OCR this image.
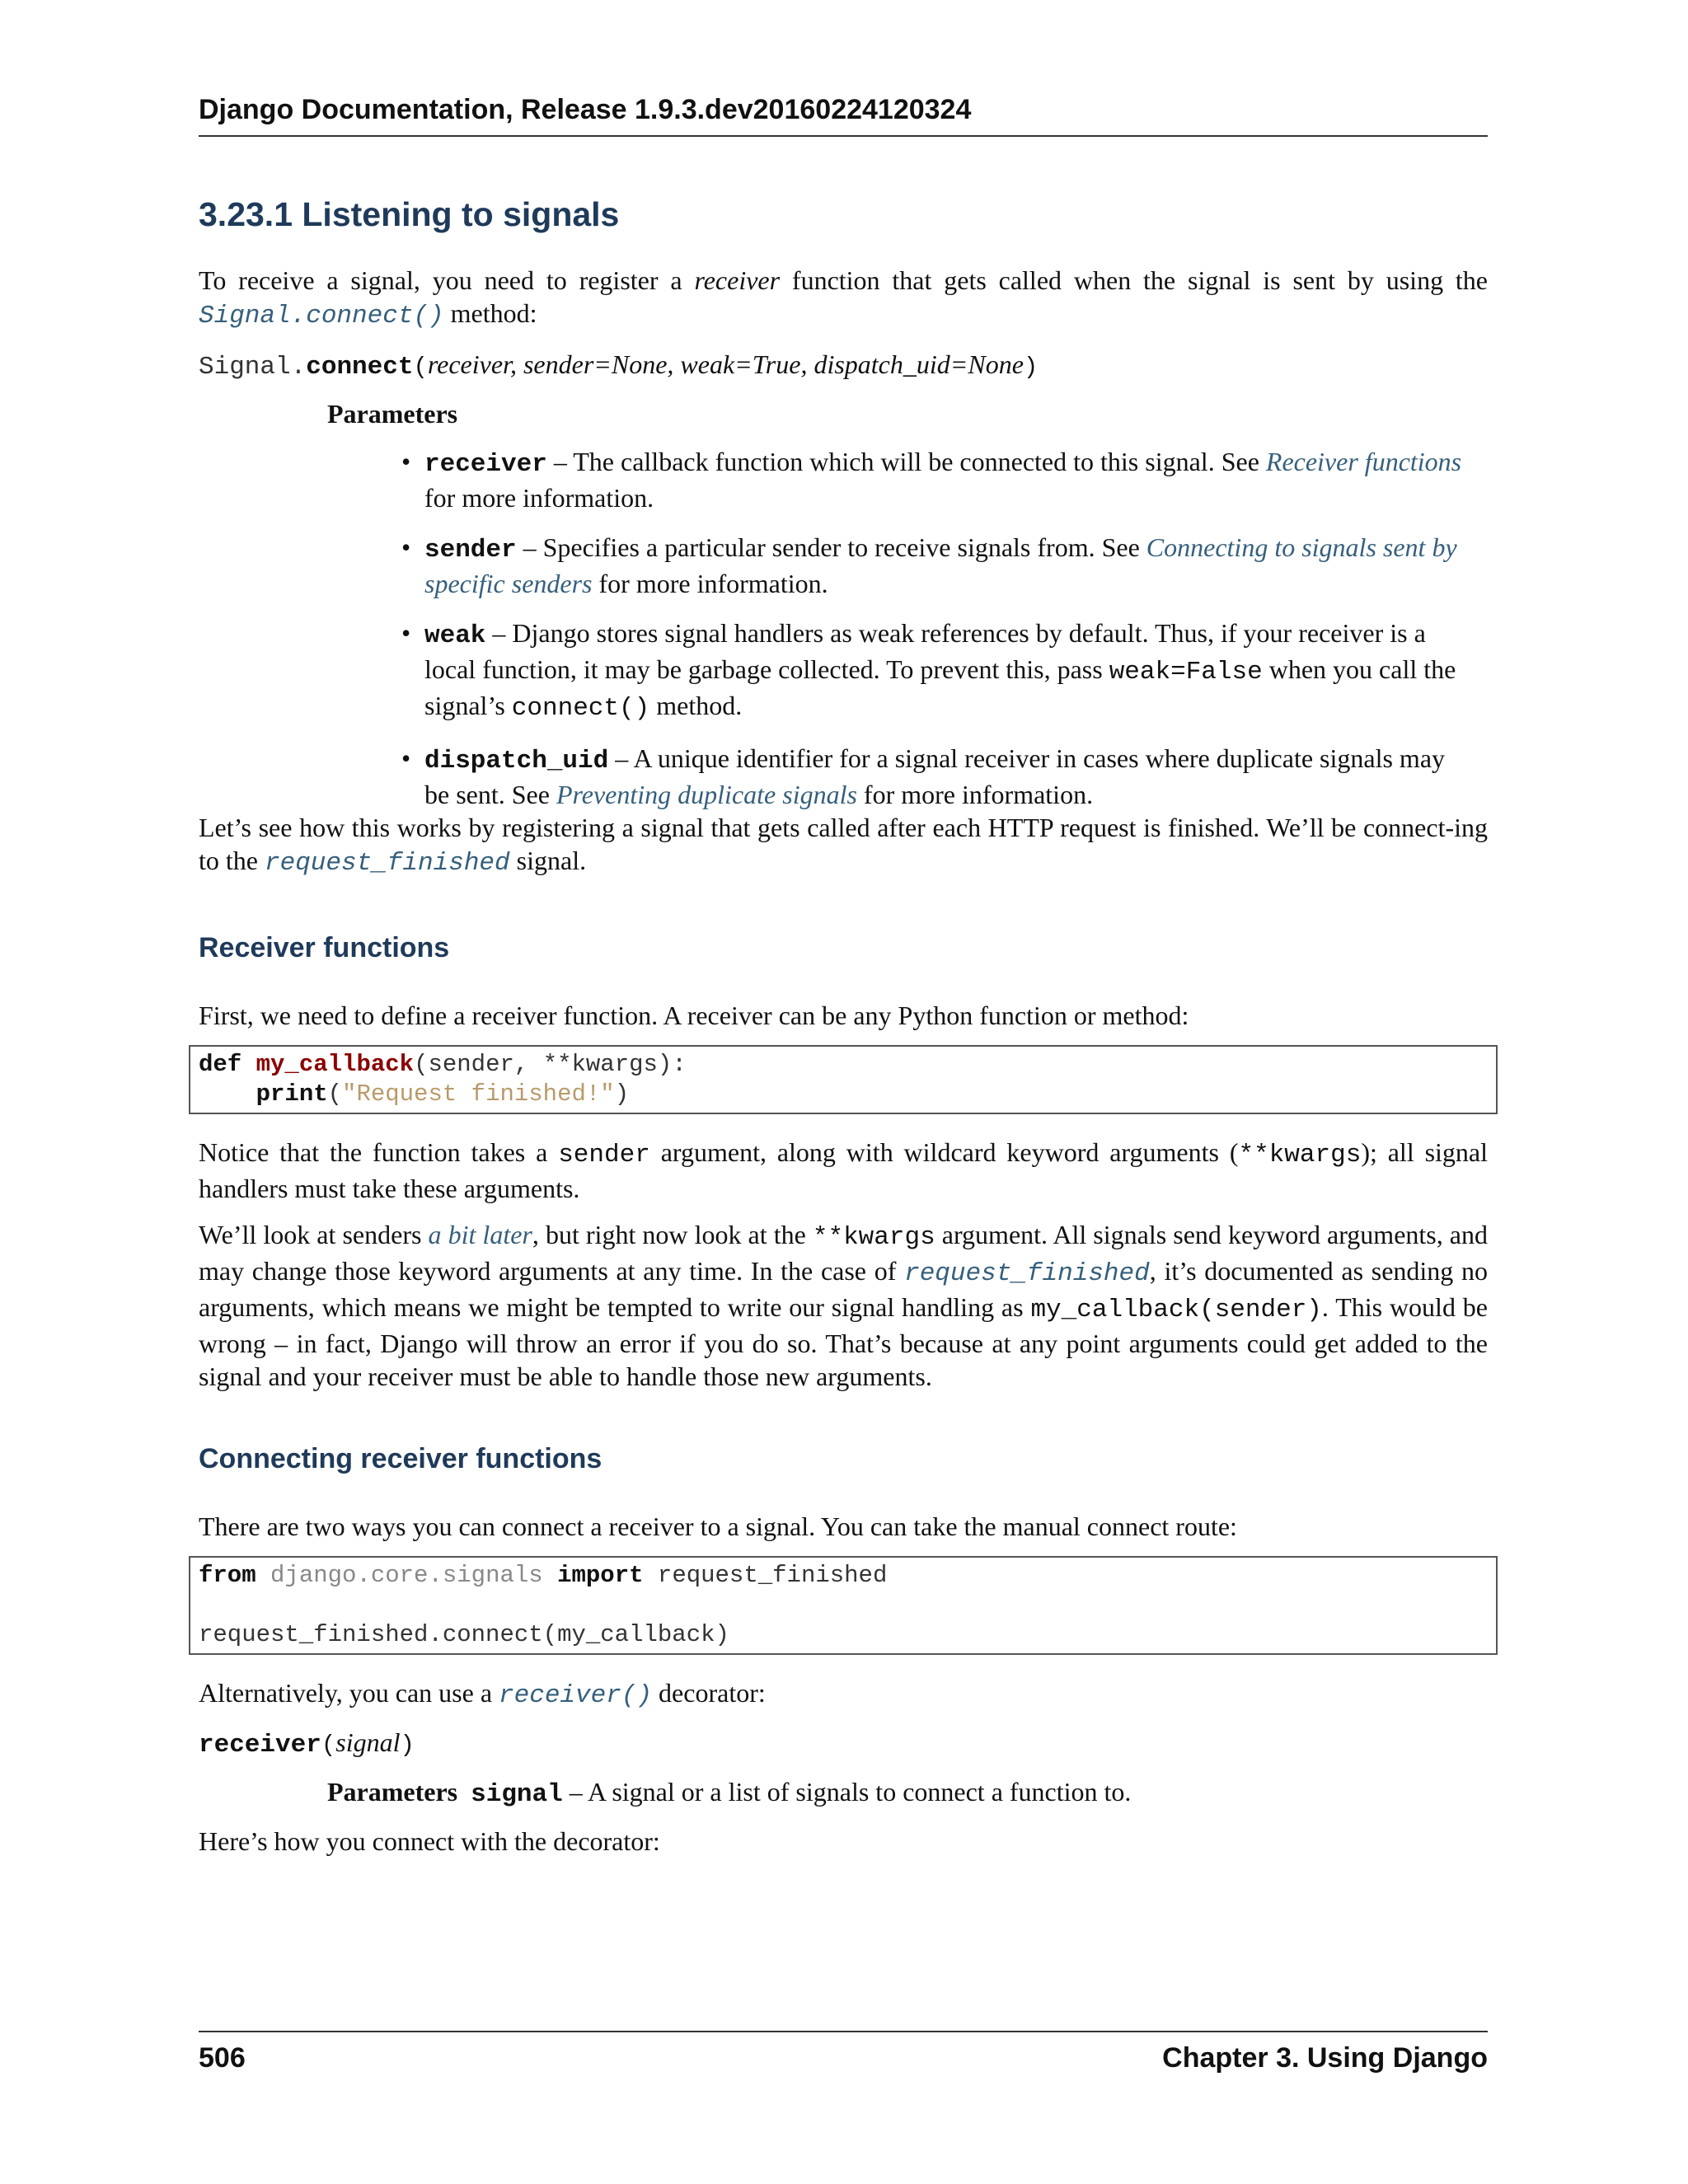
Django Documentation, Release 1.9.3.dev20160224120324
3.23.1 Listening to signals

To receive a signal, you need to register a receiver function that gets called when the signal is sent by using the Signal.connect() method:

Signal.connect(receiver, sender=None, weak=True, dispatch_uid=None)
Parameters
• receiver – The callback function which will be connected to this signal. See Receiver functions for more information.
• sender – Specifies a particular sender to receive signals from. See Connecting to signals sent by specific senders for more information.
• weak – Django stores signal handlers as weak references by default. Thus, if your receiver is a local function, it may be garbage collected. To prevent this, pass weak=False when you call the signal’s connect() method.
• dispatch_uid – A unique identifier for a signal receiver in cases where duplicate signals may be sent. See Preventing duplicate signals for more information.

Let’s see how this works by registering a signal that gets called after each HTTP request is finished. We’ll be connect-ing to the request_finished signal.

Receiver functions

First, we need to define a receiver function. A receiver can be any Python function or method:

def my_callback(sender, **kwargs):
print("Request finished!")

Notice that the function takes a sender argument, along with wildcard keyword arguments (**kwargs); all signal handlers must take these arguments.

We’ll look at senders a bit later, but right now look at the **kwargs argument. All signals send keyword arguments, and may change those keyword arguments at any time. In the case of request_finished, it’s documented as sending no arguments, which means we might be tempted to write our signal handling as my_callback(sender). This would be wrong – in fact, Django will throw an error if you do so. That’s because at any point arguments could get added to the signal and your receiver must be able to handle those new arguments.

Connecting receiver functions

There are two ways you can connect a receiver to a signal. You can take the manual connect route:

from django.core.signals import request_finished

request_finished.connect(my_callback)

Alternatively, you can use a receiver() decorator:

receiver(signal)
Parameters signal – A signal or a list of signals to connect a function to.

Here’s how you connect with the decorator:

506	Chapter 3. Using Django
